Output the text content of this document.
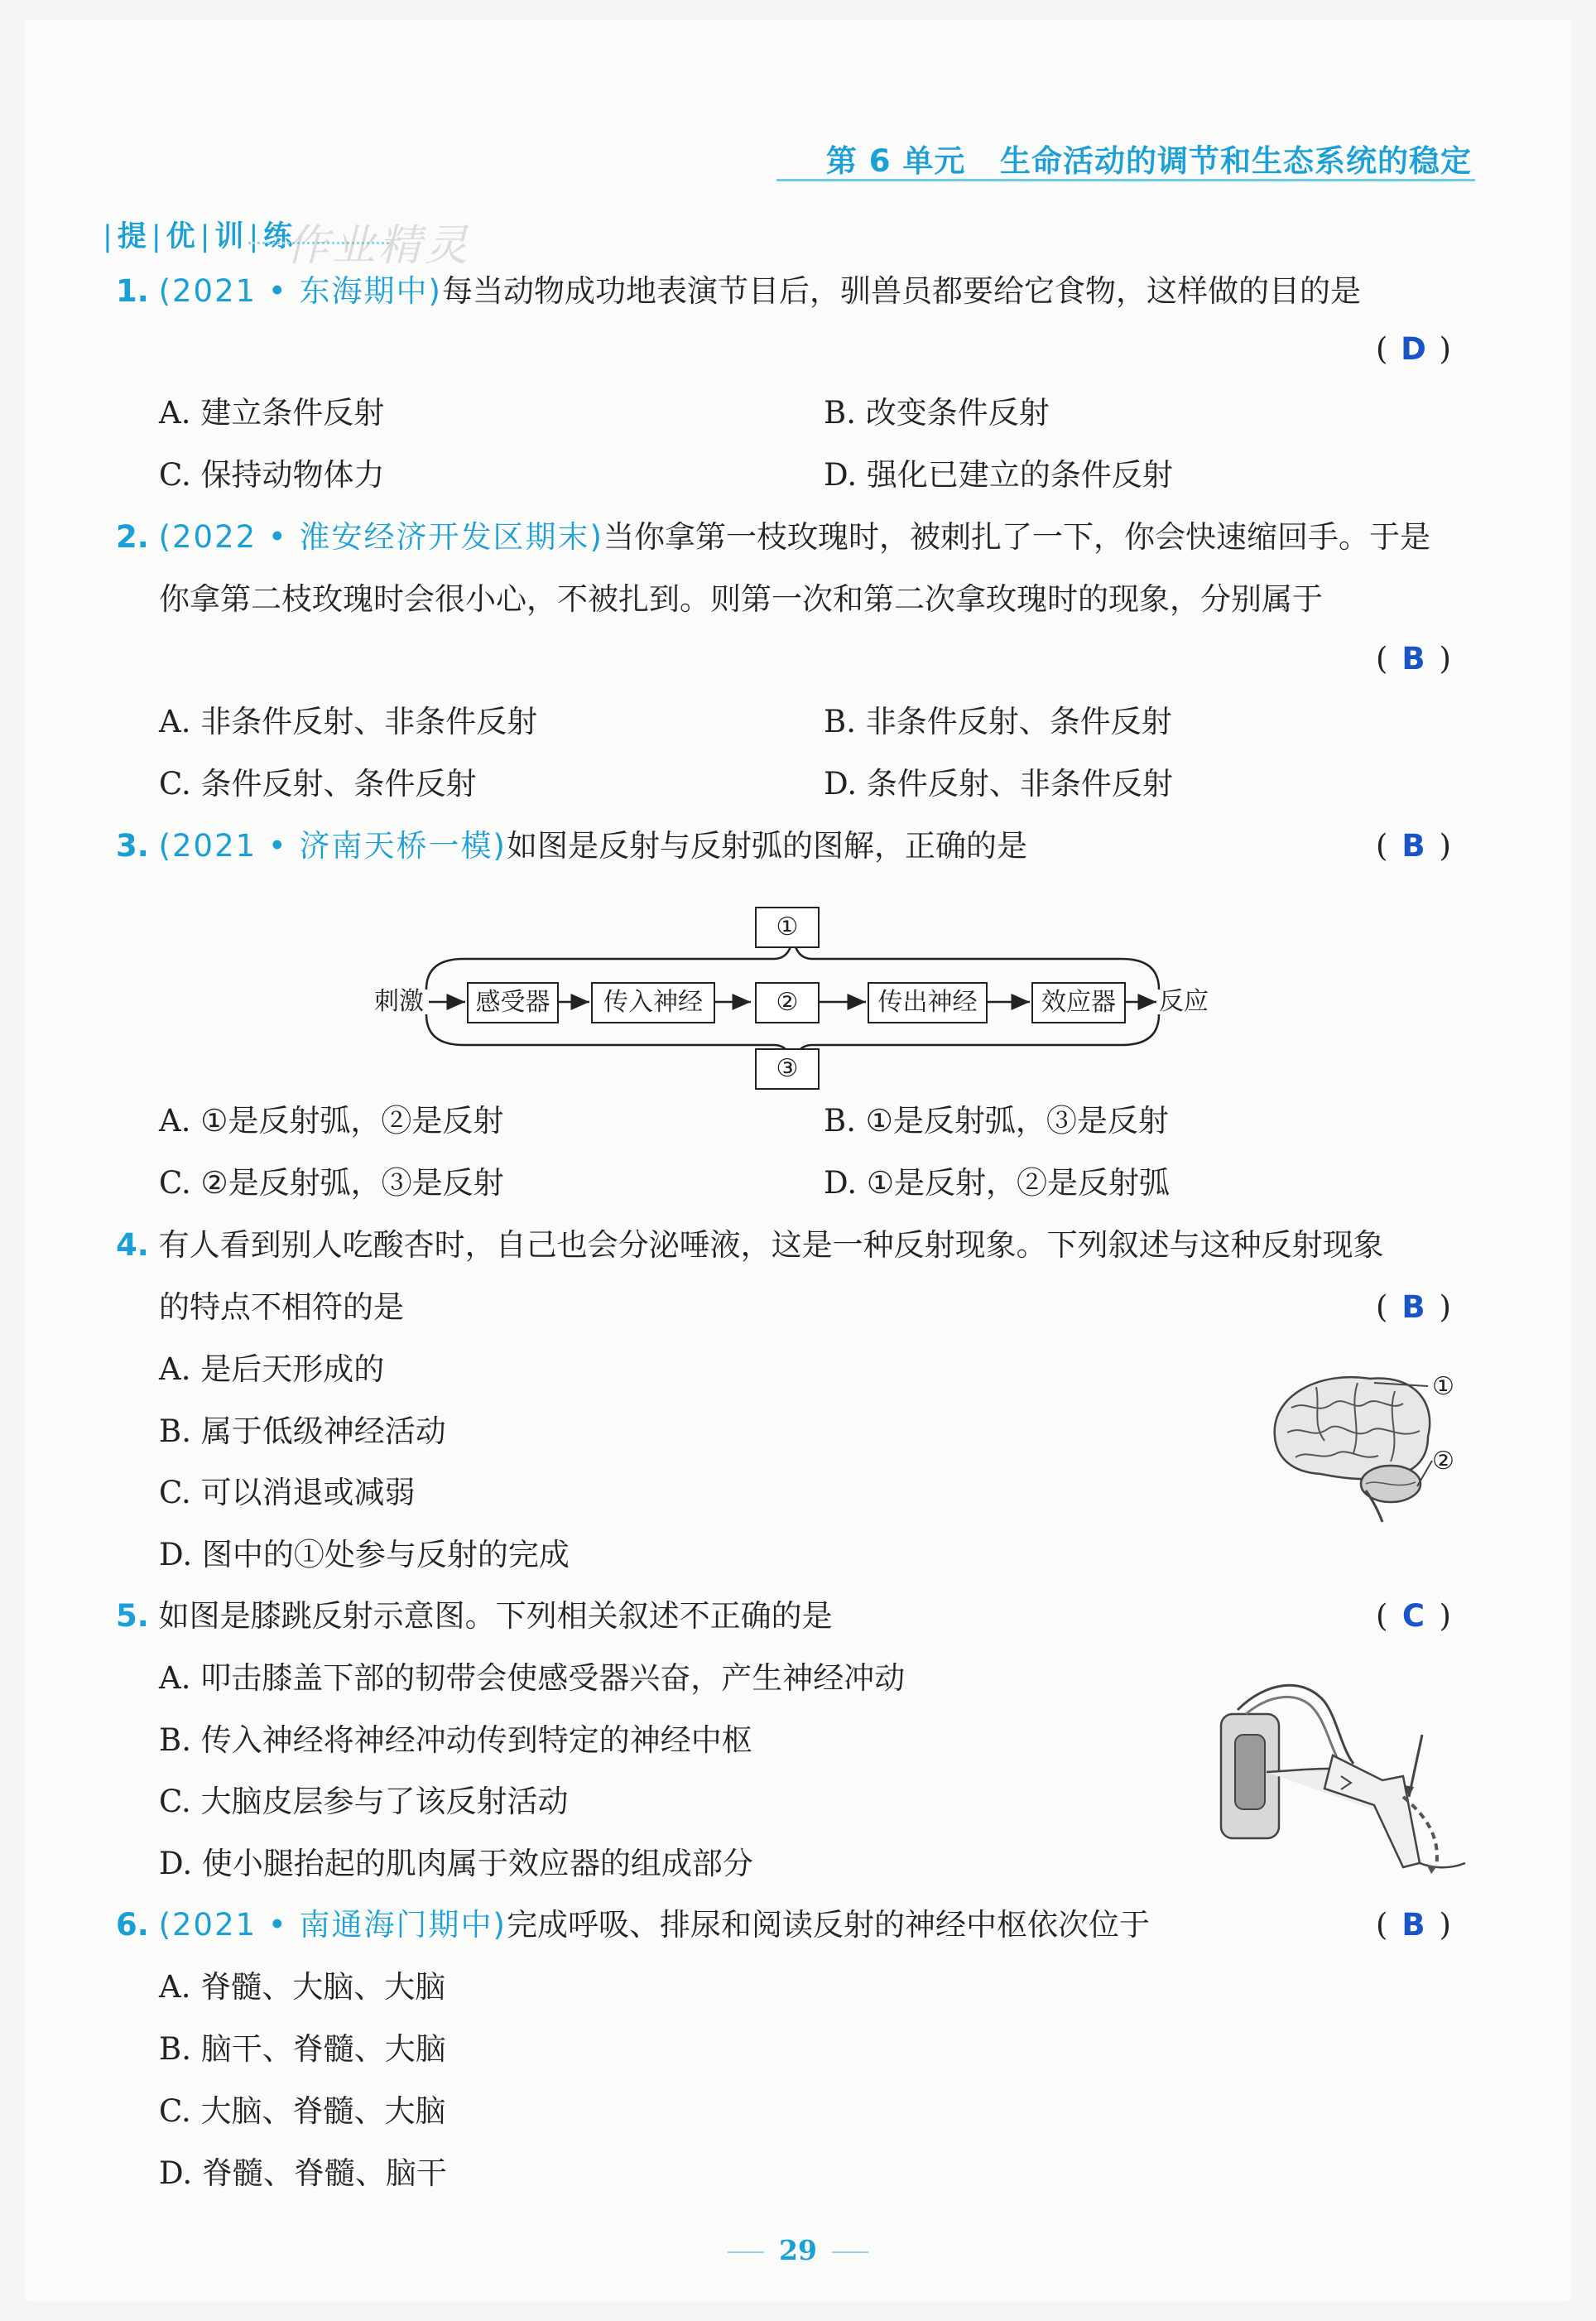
第 6 单元 生命活动的调节和生态系统的稳定
| 提 | 优 | 训 | 练
作业精灵
1. (2021 • 东海期中)每当动物成功地表演节目后，驯兽员都要给它食物，这样做的目的是
( D )
A. 建立条件反射	B. 改变条件反射
C. 保持动物体力	D. 强化已建立的条件反射
2. (2022 • 淮安经济开发区期末)当你拿第一枝玫瑰时，被刺扎了一下，你会快速缩回手。于是
你拿第二枝玫瑰时会很小心，不被扎到。则第一次和第二次拿玫瑰时的现象，分别属于
( B )
A. 非条件反射、非条件反射	B. 非条件反射、条件反射
C. 条件反射、条件反射	D. 条件反射、非条件反射
3. (2021 • 济南天桥一模)如图是反射与反射弧的图解，正确的是	( B )
①
③
刺激	感受器	传入神经	②	传出神经	效应器	反应
A. ①是反射弧，②是反射	B. ①是反射弧，③是反射
C. ②是反射弧，③是反射	D. ①是反射，②是反射弧
4. 有人看到别人吃酸杏时，自己也会分泌唾液，这是一种反射现象。下列叙述与这种反射现象
的特点不相符的是	( B )
A. 是后天形成的
B. 属于低级神经活动
C. 可以消退或减弱
D. 图中的①处参与反射的完成
①
②
5. 如图是膝跳反射示意图。下列相关叙述不正确的是	( C )
A. 叩击膝盖下部的韧带会使感受器兴奋，产生神经冲动
B. 传入神经将神经冲动传到特定的神经中枢
C. 大脑皮层参与了该反射活动
D. 使小腿抬起的肌肉属于效应器的组成部分
6. (2021 • 南通海门期中)完成呼吸、排尿和阅读反射的神经中枢依次位于	( B )
A. 脊髓、大脑、大脑
B. 脑干、脊髓、大脑
C. 大脑、脊髓、大脑
D. 脊髓、脊髓、脑干
29
